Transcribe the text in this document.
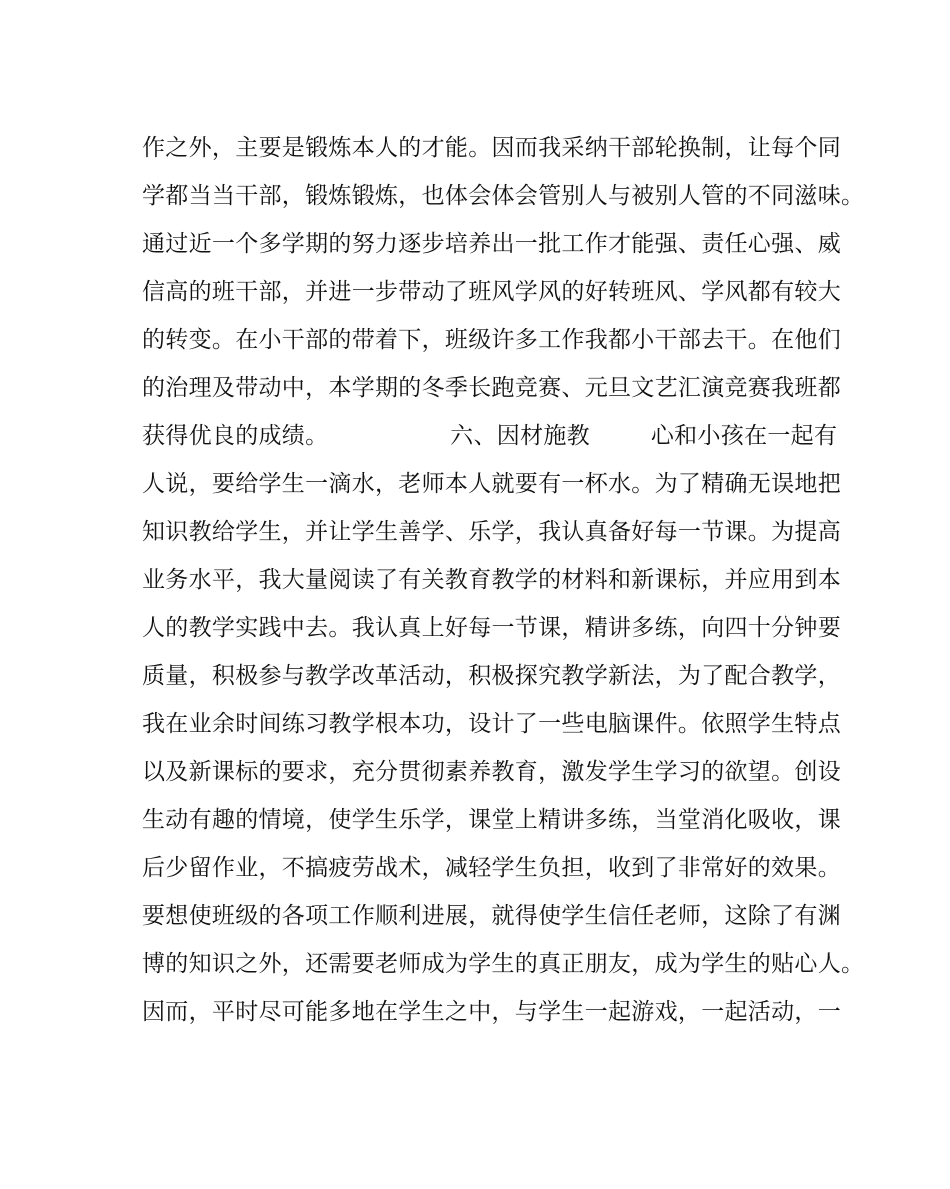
作之外，主要是锻炼本人的才能。因而我采纳干部轮换制，让每个同
学都当当干部，锻炼锻炼，也体会体会管别人与被别人管的不同滋味。
通过近一个多学期的努力逐步培养出一批工作才能强、责任心强、威
信高的班干部，并进一步带动了班风学风的好转班风、学风都有较大
的转变。在小干部的带着下，班级许多工作我都小干部去干。在他们
的治理及带动中，本学期的冬季长跑竞赛、元旦文艺汇演竞赛我班都
获得优良的成绩。                六、因材施教        心和小孩在一起有
人说，要给学生一滴水，老师本人就要有一杯水。为了精确无误地把
知识教给学生，并让学生善学、乐学，我认真备好每一节课。为提高
业务水平，我大量阅读了有关教育教学的材料和新课标，并应用到本
人的教学实践中去。我认真上好每一节课，精讲多练，向四十分钟要
质量，积极参与教学改革活动，积极探究教学新法，为了配合教学，
我在业余时间练习教学根本功，设计了一些电脑课件。依照学生特点
以及新课标的要求，充分贯彻素养教育，激发学生学习的欲望。创设
生动有趣的情境，使学生乐学，课堂上精讲多练，当堂消化吸收，课
后少留作业，不搞疲劳战术，减轻学生负担，收到了非常好的效果。
要想使班级的各项工作顺利进展，就得使学生信任老师，这除了有渊
博的知识之外，还需要老师成为学生的真正朋友，成为学生的贴心人。
因而，平时尽可能多地在学生之中，与学生一起游戏，一起活动，一
